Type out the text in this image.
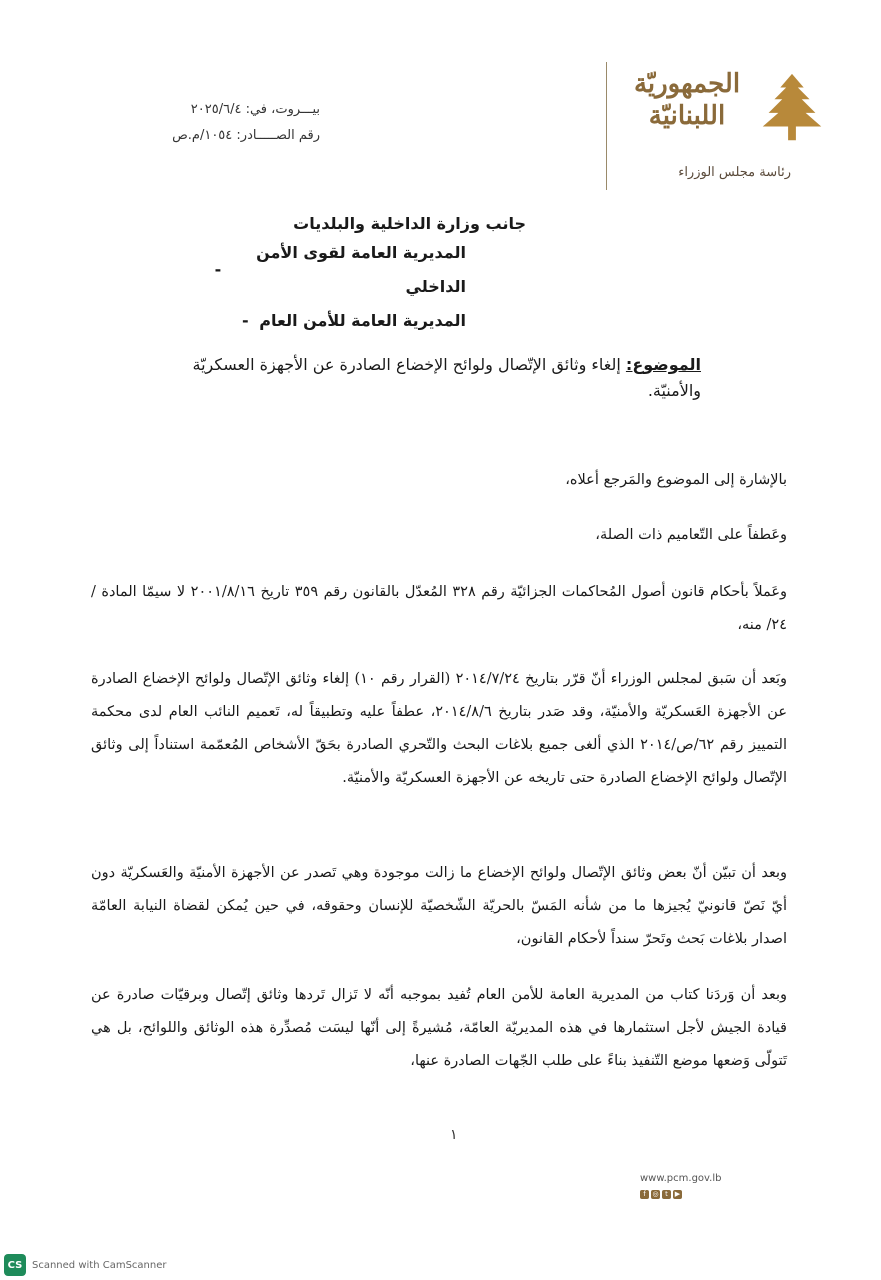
الجمهوريّة
اللبنانيّة
رئاسة مجلس الوزراء
بيـــروت، في: ٢٠٢٥/٦/٤
رقم الصـــــادر: ١٠٥٤/م.ص
جانب وزارة الداخلية والبلديات
المديرية العامة لقوى الأمن الداخلي
-
المديرية العامة للأمن العام
-
الموضوع: إلغاء وثائق الإتّصال ولوائح الإخضاع الصادرة عن الأجهزة العسكريّة والأمنيّة.

بالإشارة إلى الموضوع والمَرجع أعلاه،

وعَطفاً على التّعاميم ذات الصلة،

وعَملاً بأحكام قانون أصول المُحاكمات الجزائيّة رقم ٣٢٨ المُعدّل بالقانون رقم ٣٥٩ تاريخ ٢٠٠١/٨/١٦ لا سيمّا المادة /٢٤/ منه،

وبَعد أن سَبق لمجلس الوزراء أنّ قرّر بتاريخ ٢٠١٤/٧/٢٤ (القرار رقم ١٠) إلغاء وثائق الإتّصال ولوائح الإخضاع الصادرة عن الأجهزة العَسكريّة والأمنيّة، وقد صَدر بتاريخ ٢٠١٤/٨/٦، عطفاً عليه وتطبيقاً له، تَعميم النائب العام لدى محكمة التمييز رقم ٦٢/ص/٢٠١٤ الذي ألغى جميع بلاغات البحث والتّحري الصادرة بحَقّ الأشخاص المُعمّمة استناداً إلى وثائق الإتّصال ولوائح الإخضاع الصادرة حتى تاريخه عن الأجهزة العسكريّة والأمنيّة.

وبعد أن تبيّن أنّ بعض وثائق الإتّصال ولوائح الإخضاع ما زالت موجودة وهي تَصدر عن الأجهزة الأمنيّة والعَسكريّة دون أيّ نَصّ قانونيّ يُجيزها ما من شأنه المَسّ بالحريّة الشّخصيّة للإنسان وحقوقه، في حين يُمكن لقضاة النيابة العامّة اصدار بلاغات بَحث وتَحرّ سنداً لأحكام القانون،

وبعد أن وَردَنا كتاب من المديرية العامة للأمن العام تُفيد بموجبه أنّه لا تَزال تَردها وثائق إتّصال وبرقيّات صادرة عن قيادة الجيش لأجل استثمارها في هذه المديريّة العامّة، مُشيرةً إلى أنّها ليسَت مُصدِّرة هذه الوثائق واللوائح، بل هي تَتولّى وَضعها موضع التّنفيذ بناءً على طلب الجّهات الصادرة عنها،

١
www.pcm.gov.lb
f ◎ t ▶
CS Scanned with CamScanner
